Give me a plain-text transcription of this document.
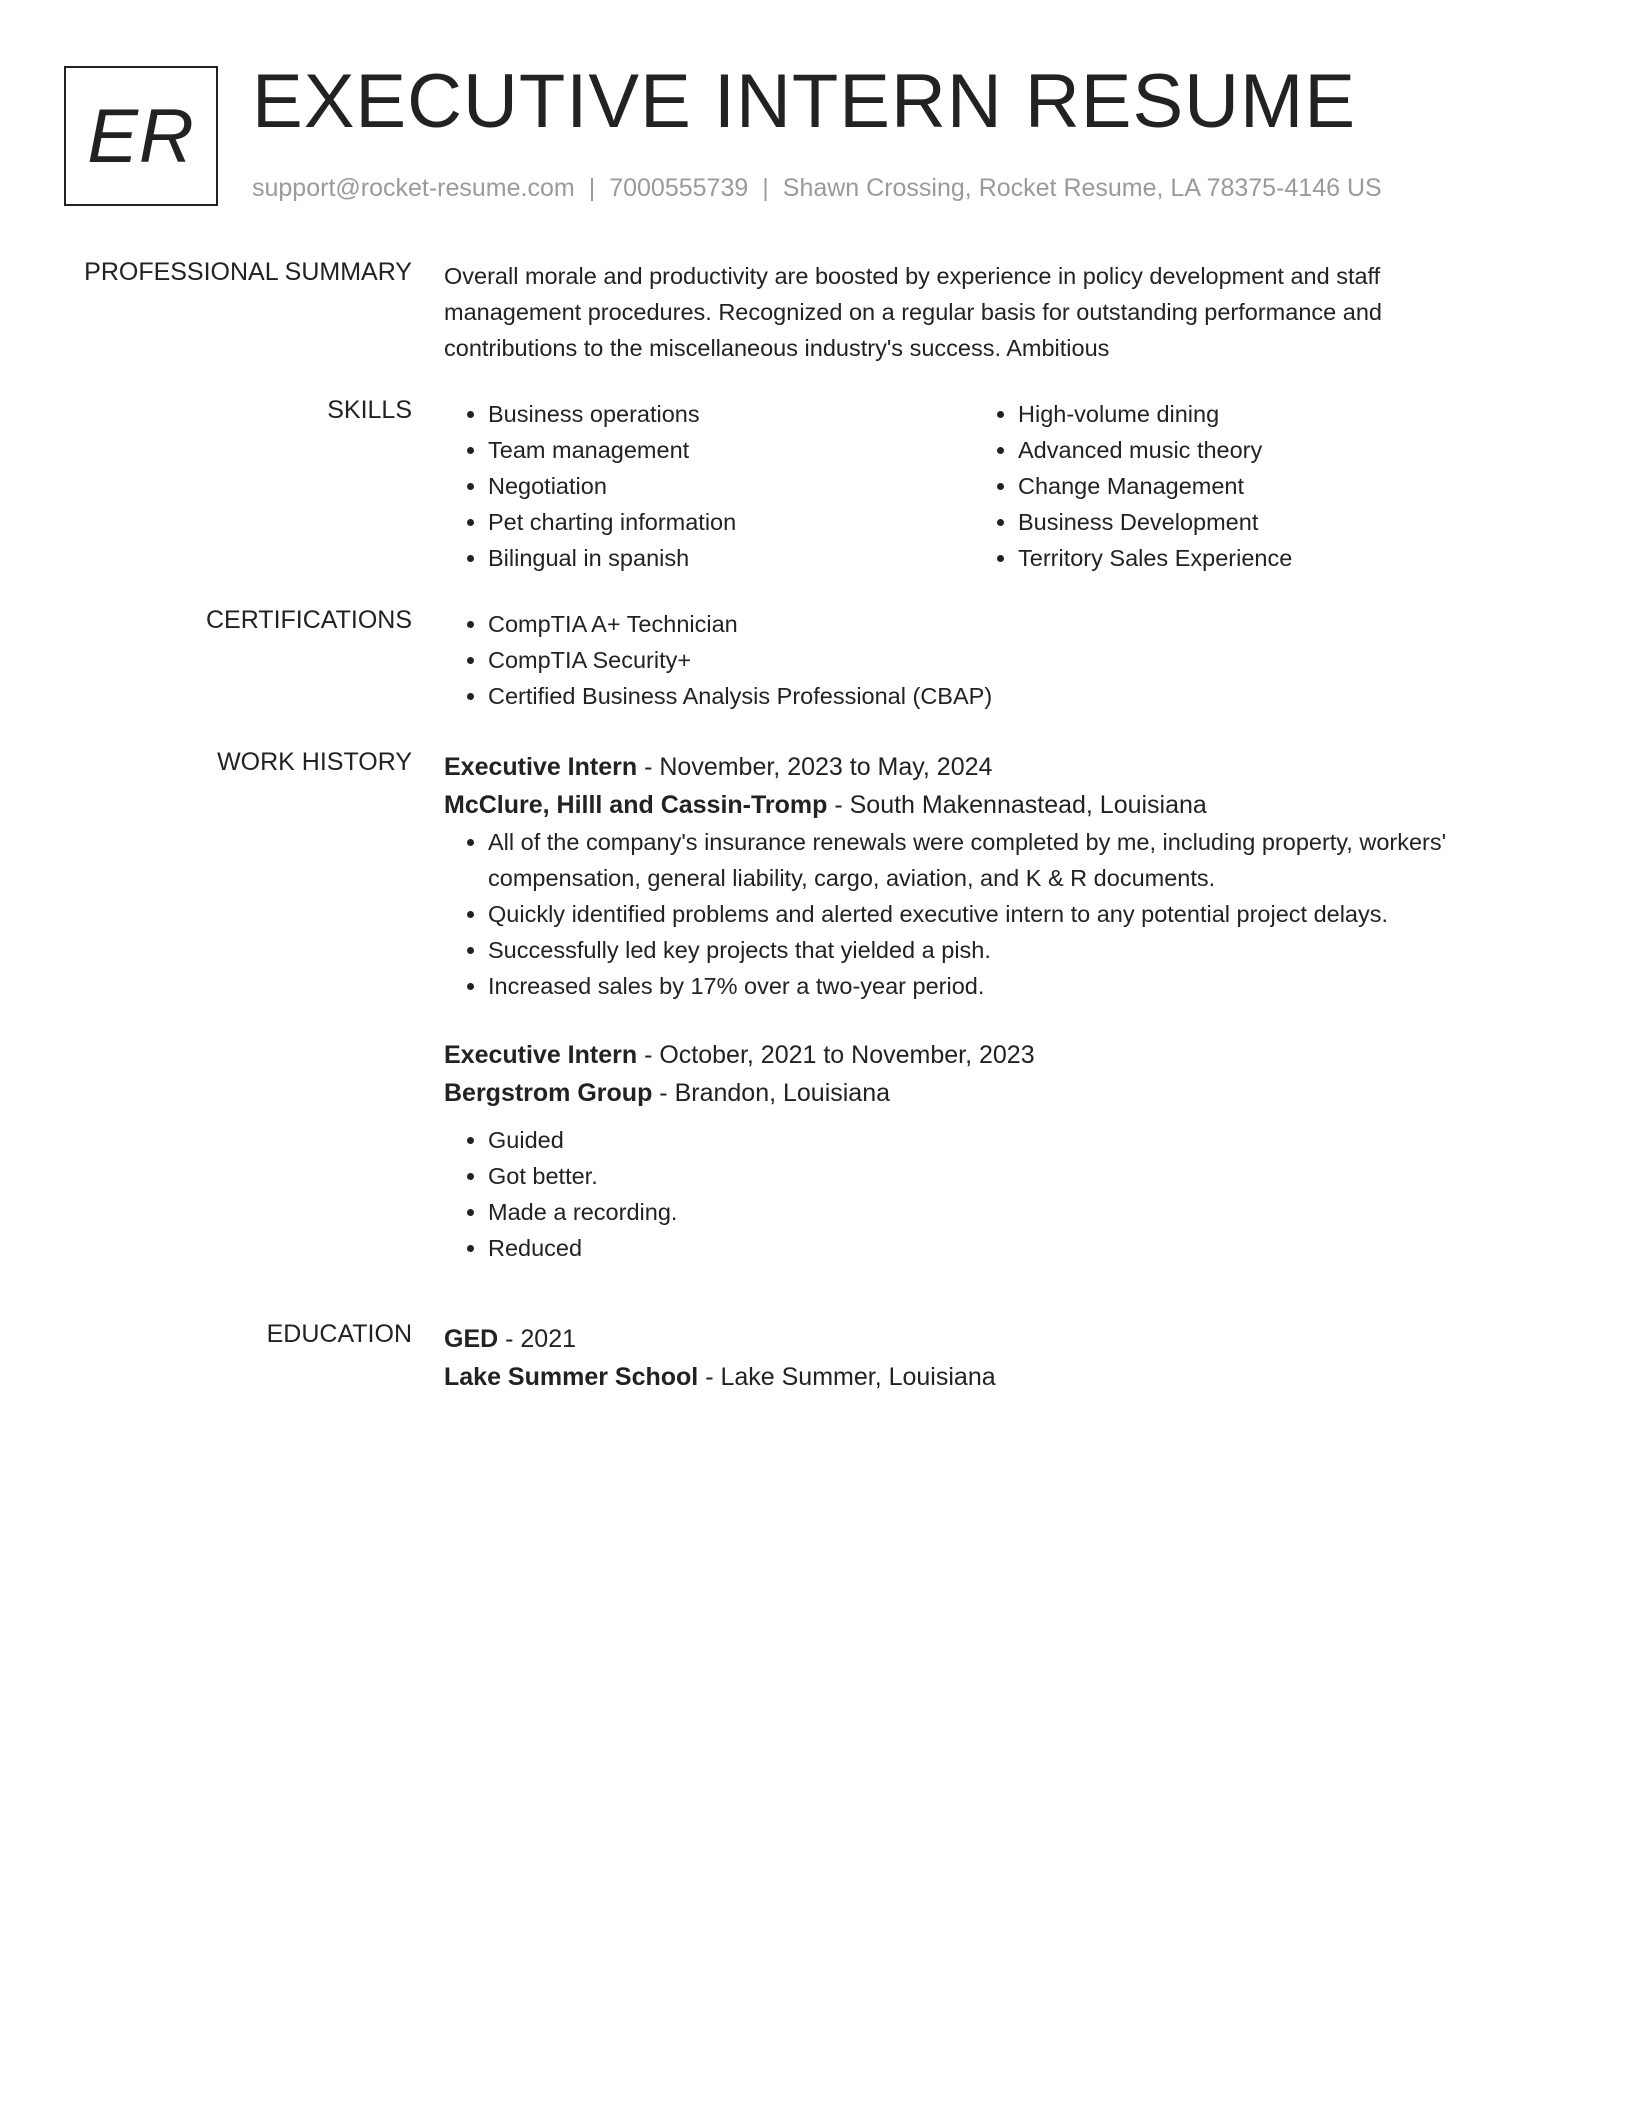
ER EXECUTIVE INTERN RESUME
support@rocket-resume.com | 7000555739 | Shawn Crossing, Rocket Resume, LA 78375-4146 US
PROFESSIONAL SUMMARY Overall morale and productivity are boosted by experience in policy development and staff management procedures. Recognized on a regular basis for outstanding performance and contributions to the miscellaneous industry's success. Ambitious

SKILLS	• Business operations
• Team management
• Negotiation
• Pet charting information
• Bilingual in spanish
• High-volume dining
• Advanced music theory
• Change Management
• Business Development
• Territory Sales Experience
CERTIFICATIONS	• CompTIA A+ Technician
• CompTIA Security+
• Certified Business Analysis Professional (CBAP)
WORK HISTORY Executive Intern - November, 2023 to May, 2024
McClure, Hilll and Cassin-Tromp - South Makennastead, Louisiana
• All of the company's insurance renewals were completed by me, including property, workers' compensation, general liability, cargo, aviation, and K & R documents.
• Quickly identified problems and alerted executive intern to any potential project delays.
• Successfully led key projects that yielded a pish.
• Increased sales by 17% over a two-year period.
Executive Intern - October, 2021 to November, 2023
Bergstrom Group - Brandon, Louisiana
• Guided
• Got better.
• Made a recording.
• Reduced
EDUCATION GED - 2021
Lake Summer School - Lake Summer, Louisiana
